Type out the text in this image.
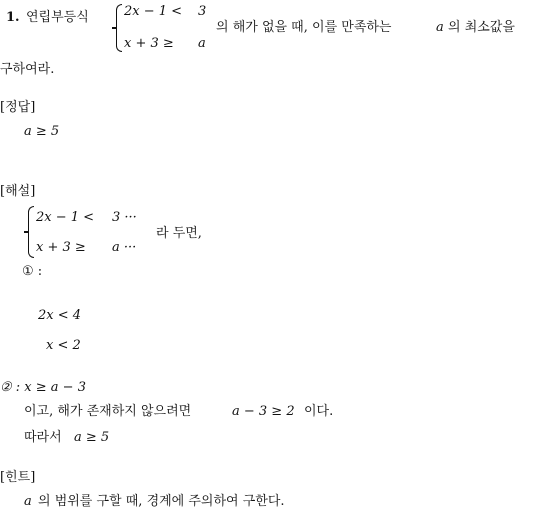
1. 연립부등식	2x − 1 < 3
x + 3 ≥ a
의 해가 없을 때, 이를 만족하는	a 의 최소값을
구하여라.
[정답]
a ≥ 5
[해설]
2x − 1 < 3 ···
x + 3 ≥ a ···
라 두면,
① :
2x < 4
x < 2
② : x ≥ a − 3
이고, 해가 존재하지 않으려면	a − 3 ≥ 2 이다.
따라서 a ≥ 5
[힌트]
a 의 범위를 구할 때, 경계에 주의하여 구한다.
